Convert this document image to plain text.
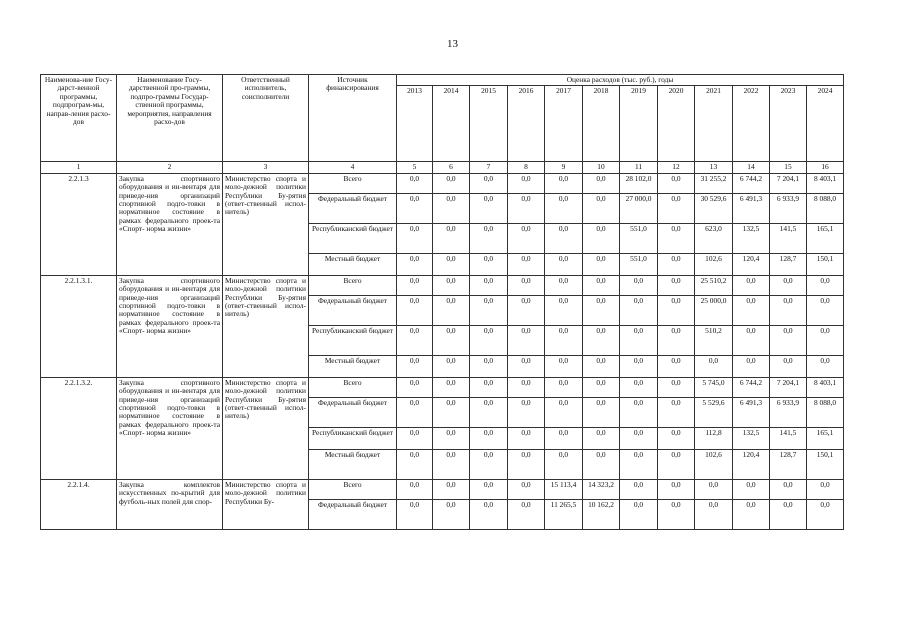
13
Наименова-ние Госу-дарст-венной программы, подпрограм-мы, направ-ления расхо-дов	Наименование Госу-дарственной про-граммы, подпро-граммы Государ-ственной программы, мероприятия, направления расхо-дов	Ответственный исполнитель, соисполнители	Источник финансирования	Оценка расходов (тыс. руб.), годы											
				2013	2014	2015	2016	2017	2018	2019	2020	2021	2022	2023	2024
1	2	3	4	5	6	7	8	9	10	11	12	13	14	15	16
2.2.1.3	Закупка спортивного оборудования и ин-вентаря для приведе-ния организаций спортивной подго-товки в нормативное состояние в рамках федерального проек-та «Спорт- норма жизни»	Министерство спорта и моло-дежной политики Республики Бу-рятия (ответ-ственный испол-нитель)	Всего	0,0	0,0	0,0	0,0	0,0	0,0	28 102,0	0,0	31 255,2	6 744,2	7 204,1	8 403,1
			Федеральный бюджет	0,0	0,0	0,0	0,0	0,0	0,0	27 000,0	0,0	30 529,6	6 491,3	6 933,9	8 088,0
			Республиканский бюджет	0,0	0,0	0,0	0,0	0,0	0,0	551,0	0,0	623,0	132,5	141,5	165,1
			Местный бюджет	0,0	0,0	0,0	0,0	0,0	0,0	551,0	0,0	102,6	120,4	128,7	150,1
2.2.1.3.1.	Закупка спортивного оборудования и ин-вентаря для приведе-ния организаций спортивной подго-товки в нормативное состояние в рамках федерального проек-та «Спорт- норма жизни»	Министерство спорта и моло-дежной политики Республики Бу-рятия (ответ-ственный испол-нитель)	Всего	0,0	0,0	0,0	0,0	0,0	0,0	0,0	0,0	25 510,2	0,0	0,0	0,0
			Федеральный бюджет	0,0	0,0	0,0	0,0	0,0	0,0	0,0	0,0	25 000,0	0,0	0,0	0,0
			Республиканский бюджет	0,0	0,0	0,0	0,0	0,0	0,0	0,0	0,0	510,2	0,0	0,0	0,0
			Местный бюджет	0,0	0,0	0,0	0,0	0,0	0,0	0,0	0,0	0,0	0,0	0,0	0,0
2.2.1.3.2.	Закупка спортивного оборудования и ин-вентаря для приведе-ния организаций спортивной подго-товки в нормативное состояние в рамках федерального проек-та «Спорт- норма жизни»	Министерство спорта и моло-дежной политики Республики Бу-рятия (ответ-ственный испол-нитель)	Всего	0,0	0,0	0,0	0,0	0,0	0,0	0,0	0,0	5 745,0	6 744,2	7 204,1	8 403,1
			Федеральный бюджет	0,0	0,0	0,0	0,0	0,0	0,0	0,0	0,0	5 529,6	6 491,3	6 933,9	8 088,0
			Республиканский бюджет	0,0	0,0	0,0	0,0	0,0	0,0	0,0	0,0	112,8	132,5	141,5	165,1
			Местный бюджет	0,0	0,0	0,0	0,0	0,0	0,0	0,0	0,0	102,6	120,4	128,7	150,1
2.2.1.4.	Закупка комплектов искусственных по-крытий для футболь-ных полей для спор-	Министерство спорта и моло-дежной политики Республики Бу-	Всего	0,0	0,0	0,0	0,0	15 113,4	14 323,2	0,0	0,0	0,0	0,0	0,0	0,0
			Федеральный бюджет	0,0	0,0	0,0	0,0	11 265,5	10 162,2	0,0	0,0	0,0	0,0	0,0	0,0
